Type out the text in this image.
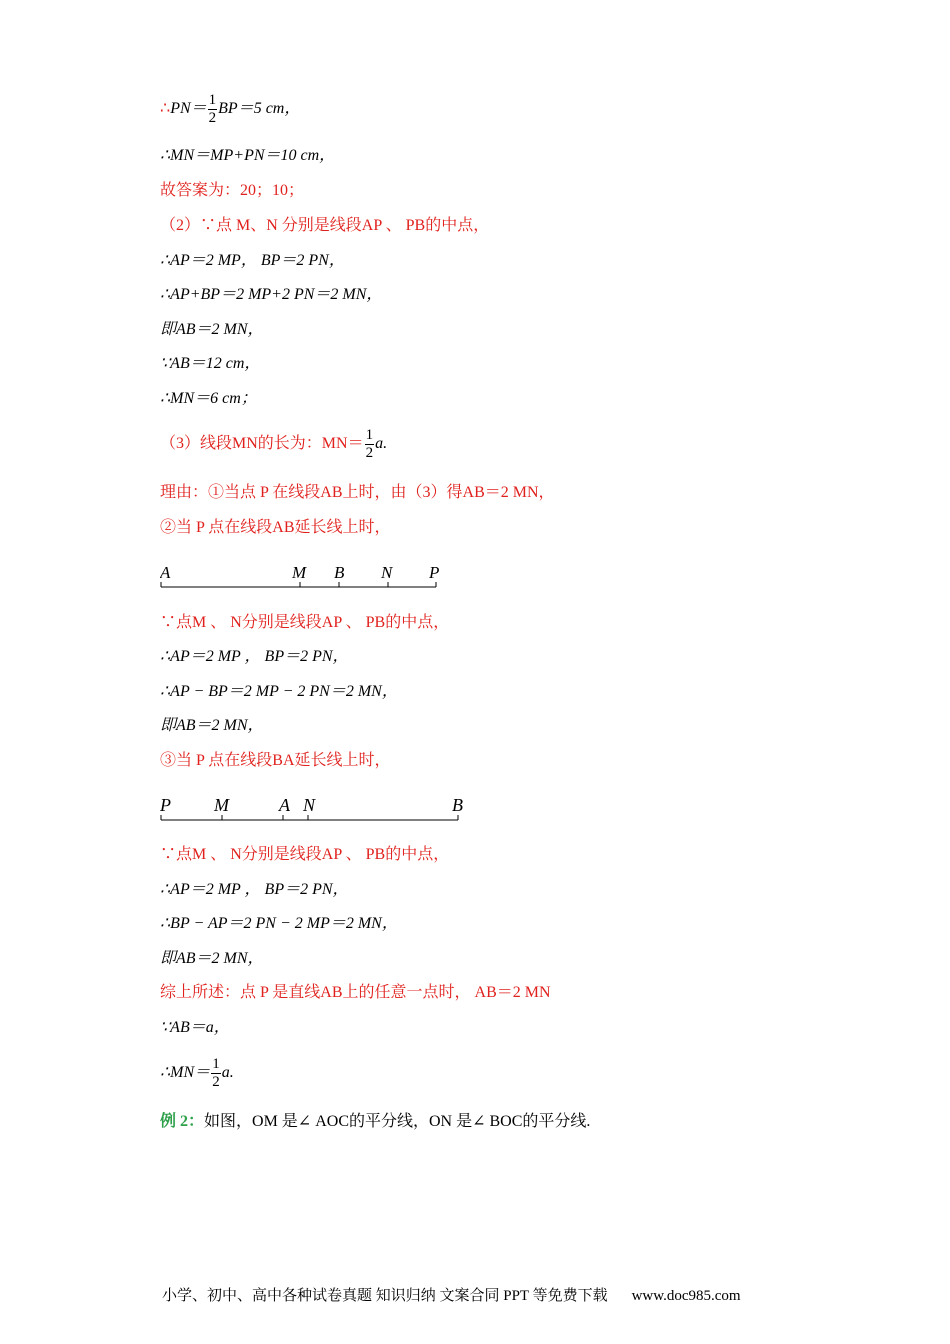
∴PN＝ $\frac{1}{2} BP=5$ cm，
∴MN＝MP+PN＝10 cm，
故答案为：20；10；
（2）∵点 M、N 分别是线段AP 、 PB的中点，
∴AP＝2 MP， BP＝2 PN，
∴AP+BP＝2 MP+2 PN＝2 MN，
即AB＝2 MN，
∵AB＝12 cm，
∴MN＝6 cm；
（3）线段MN的长为：$MN= \frac{1}{2} a$.
理由：①当点 P 在线段AB上时，由（3）得AB＝2 MN，
②当 P 点在线段AB延长线上时，
A	M B N P
∵点M 、 N分别是线段AP 、 PB的中点，
∴AP＝2 MP ， BP＝2 PN，
∴AP − BP＝2 MP − 2 PN＝2 MN，
即AB＝2 MN，
③当 P 点在线段BA延长线上时，
P M	A N	B
∵点M 、 N分别是线段AP 、 PB的中点，
∴AP＝2 MP ， BP＝2 PN，
∴BP − AP＝2 PN − 2 MP＝2 MN，
即AB＝2 MN，
综上所述：点 P 是直线AB上的任意一点时， AB＝2 MN
∵AB＝a，
∴MN＝ $\frac{1}{2} a$.
例 2：如图，OM 是∠ AOC的平分线，ON 是∠ BOC的平分线.
小学、初中、高中各种试卷真题 知识归纳 文案合同 PPT 等免费下载 www.doc985.com
